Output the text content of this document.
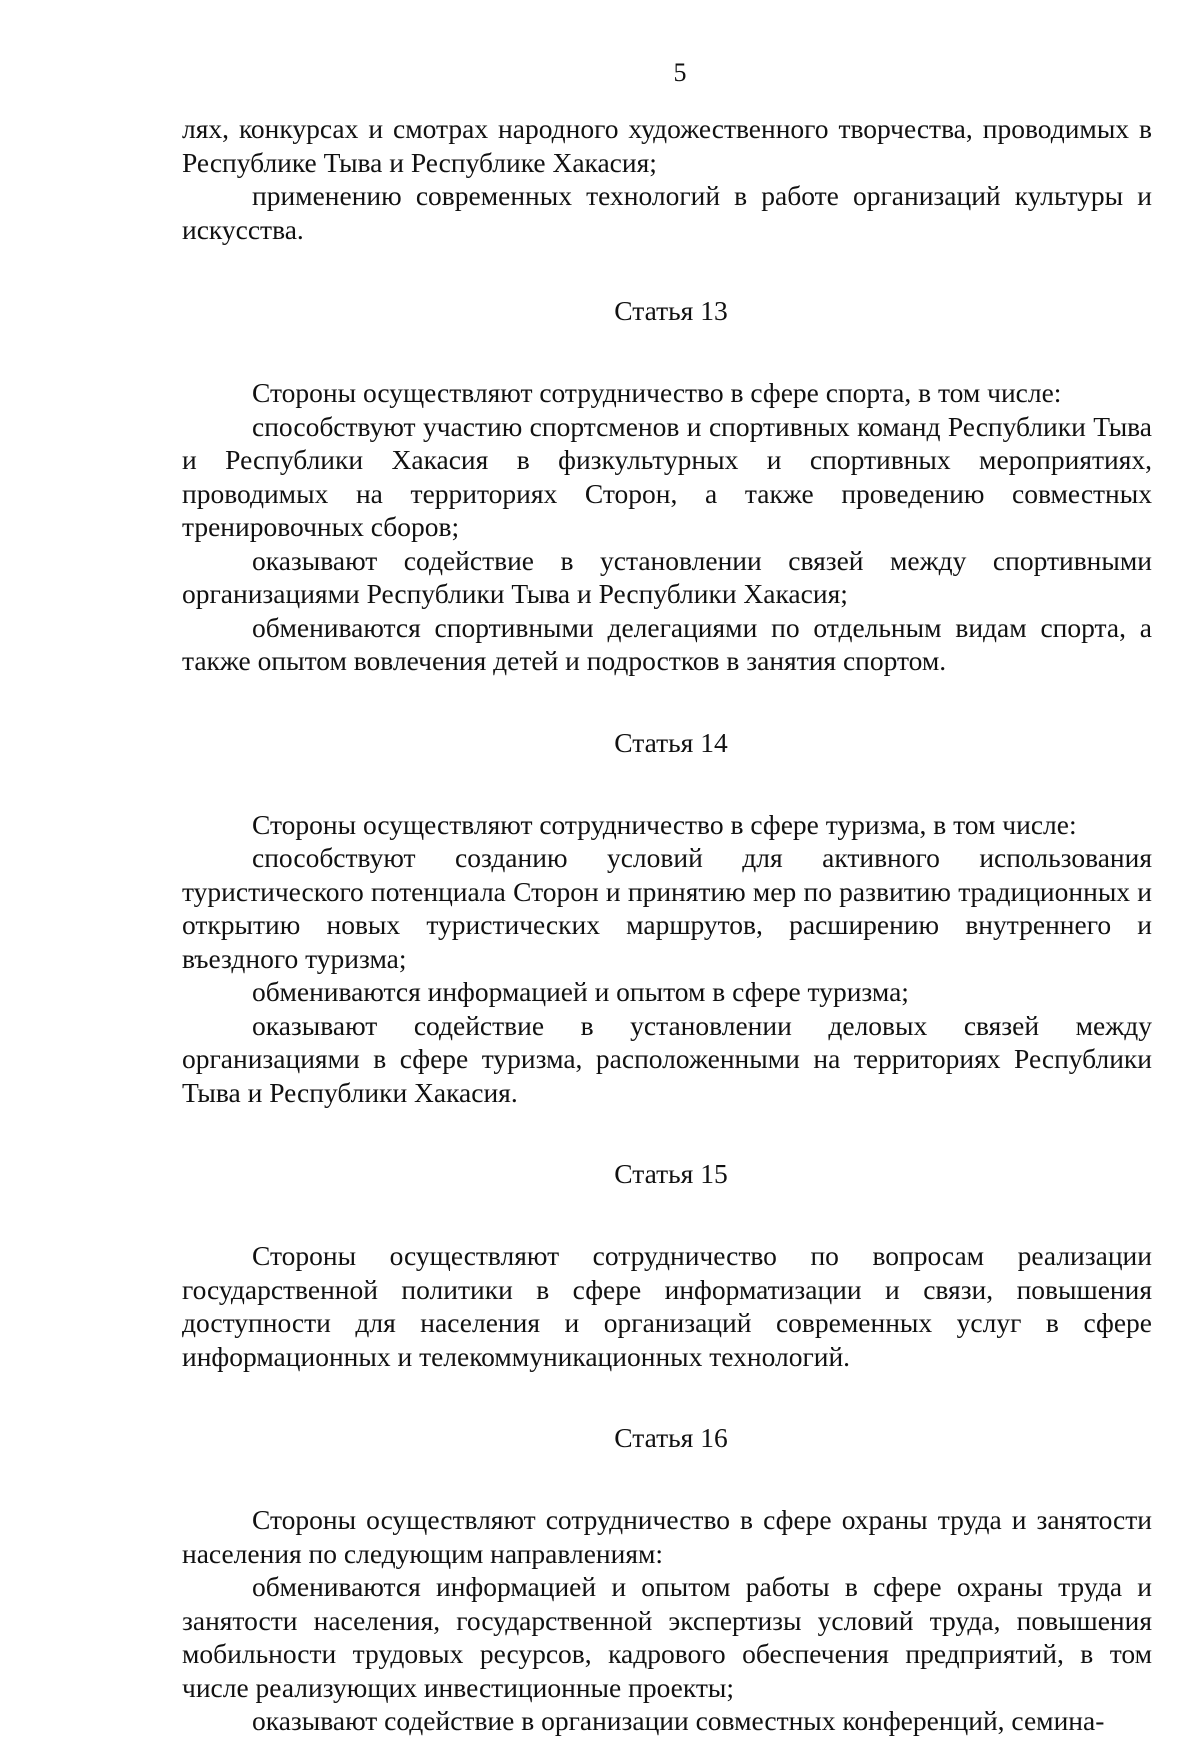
5

лях, конкурсах и смотрах народного художественного творчества, проводимых в Республике Тыва и Республике Хакасия;

применению современных технологий в работе организаций культуры и искусства.

Статья 13

Стороны осуществляют сотрудничество в сфере спорта, в том числе:

способствуют участию спортсменов и спортивных команд Республики Тыва и Республики Хакасия в физкультурных и спортивных мероприятиях, проводимых на территориях Сторон, а также проведению совместных тренировочных сборов;

оказывают содействие в установлении связей между спортивными организациями Республики Тыва и Республики Хакасия;

обмениваются спортивными делегациями по отдельным видам спорта, а также опытом вовлечения детей и подростков в занятия спортом.

Статья 14

Стороны осуществляют сотрудничество в сфере туризма, в том числе:

способствуют созданию условий для активного использования туристического потенциала Сторон и принятию мер по развитию традиционных и открытию новых туристических маршрутов, расширению внутреннего и въездного туризма;

обмениваются информацией и опытом в сфере туризма;

оказывают содействие в установлении деловых связей между организациями в сфере туризма, расположенными на территориях Республики Тыва и Республики Хакасия.

Статья 15

Стороны осуществляют сотрудничество по вопросам реализации государственной политики в сфере информатизации и связи, повышения доступности для населения и организаций современных услуг в сфере информационных и телекоммуникационных технологий.

Статья 16

Стороны осуществляют сотрудничество в сфере охраны труда и занятости населения по следующим направлениям:

обмениваются информацией и опытом работы в сфере охраны труда и занятости населения, государственной экспертизы условий труда, повышения мобильности трудовых ресурсов, кадрового обеспечения предприятий, в том числе реализующих инвестиционные проекты;

оказывают содействие в организации совместных конференций, семина-
